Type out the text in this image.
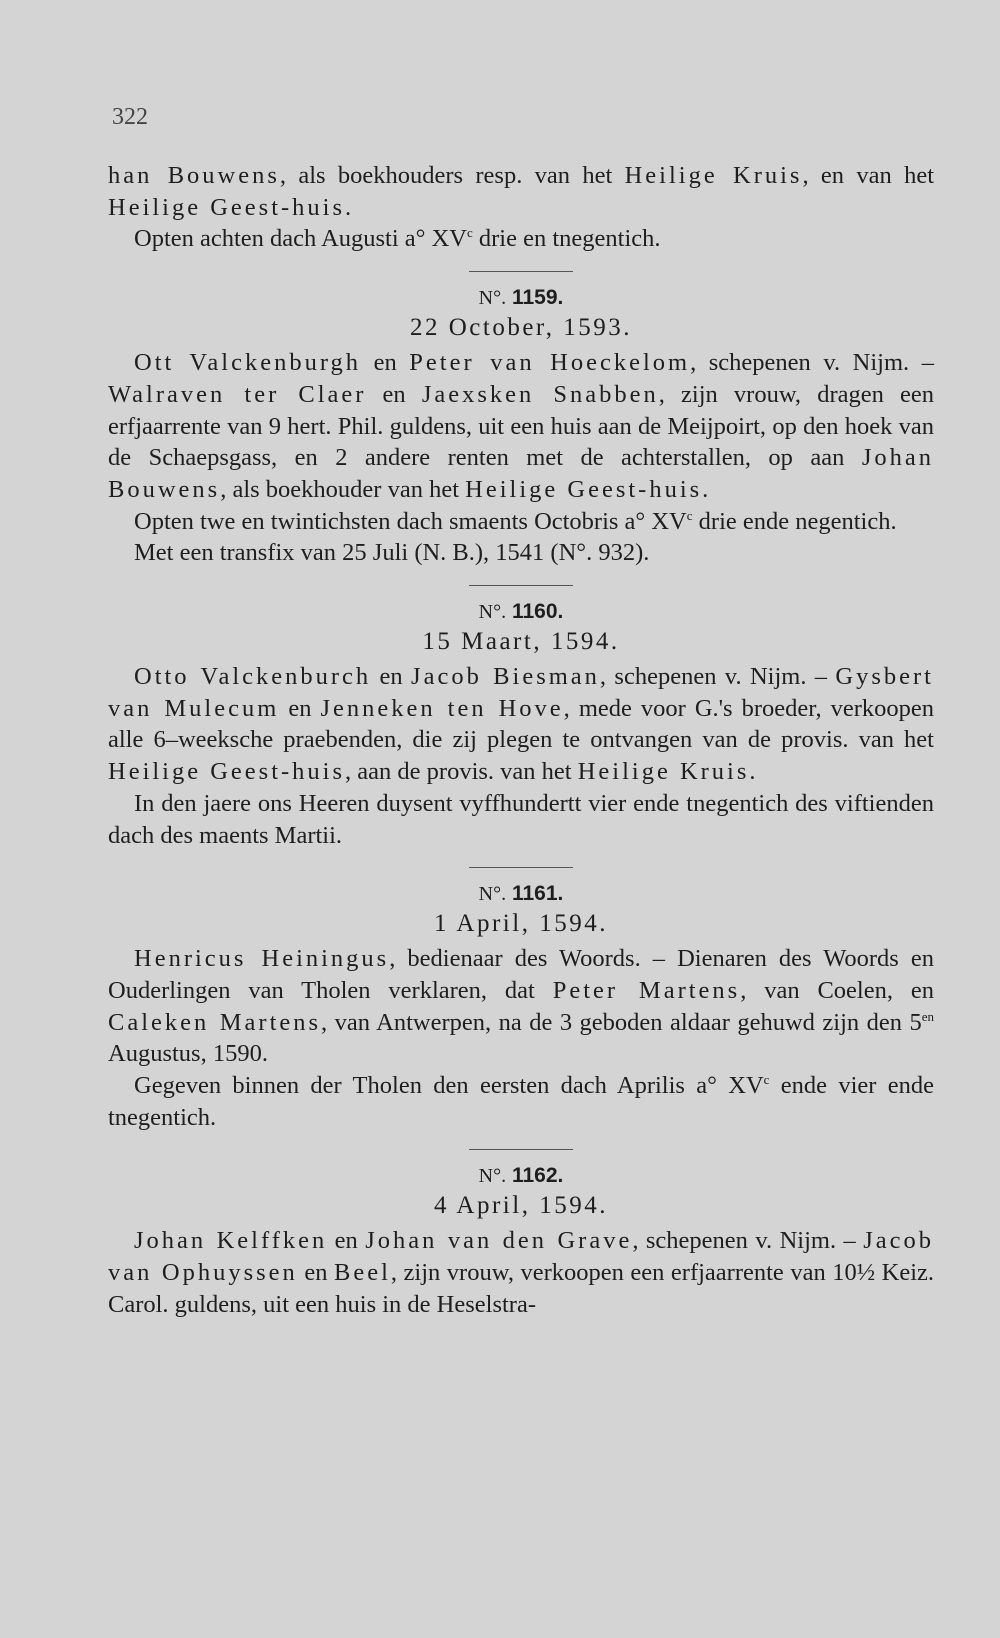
322

han Bouwens, als boekhouders resp. van het Heilige Kruis, en van het Heilige Geest-huis.

Opten achten dach Augusti a° $XV^c$ drie en tnegentich.

N°. 1159.
22 October, 1593.

Ott Valckenburgh en Peter van Hoeckelom, schepenen v. Nijm. – Walraven ter Claer en Jaexsken Snabben, zijn vrouw, dragen een erfjaarrente van 9 hert. Phil. guldens, uit een huis aan de Meijpoirt, op den hoek van de Schaepsgass, en 2 andere renten met de achterstallen, op aan Johan Bouwens, als boekhouder van het Heilige Geest-huis.

Opten twe en twintichsten dach smaents Octobris a° $XV^c$ drie ende negentich.

Met een transfix van 25 Juli (N. B.), 1541 (N°. 932).

N°. 1160.
15 Maart, 1594.

Otto Valckenburch en Jacob Biesman, schepenen v. Nijm. – Gysbert van Mulecum en Jenneken ten Hove, mede voor G.'s broeder, verkoopen alle 6–weeksche praebenden, die zij plegen te ontvangen van de provis. van het Heilige Geest-huis, aan de provis. van het Heilige Kruis.

In den jaere ons Heeren duysent vyffhundertt vier ende tnegentich des viftienden dach des maents Martii.

N°. 1161.
1 April, 1594.

Henricus Heiningus, bedienaar des Woords. – Dienaren des Woords en Ouderlingen van Tholen verklaren, dat Peter Martens, van Coelen, en Caleken Martens, van Antwerpen, na de 3 geboden aldaar gehuwd zijn den $5^{en}$ Augustus, 1590.

Gegeven binnen der Tholen den eersten dach Aprilis a° $XV^c$ ende vier ende tnegentich.

N°. 1162.
4 April, 1594.

Johan Kelffken en Johan van den Grave, schepenen v. Nijm. – Jacob van Ophuyssen en Beel, zijn vrouw, verkoopen een erfjaarrente van 10½ Keiz. Carol. guldens, uit een huis in de Heselstra-
